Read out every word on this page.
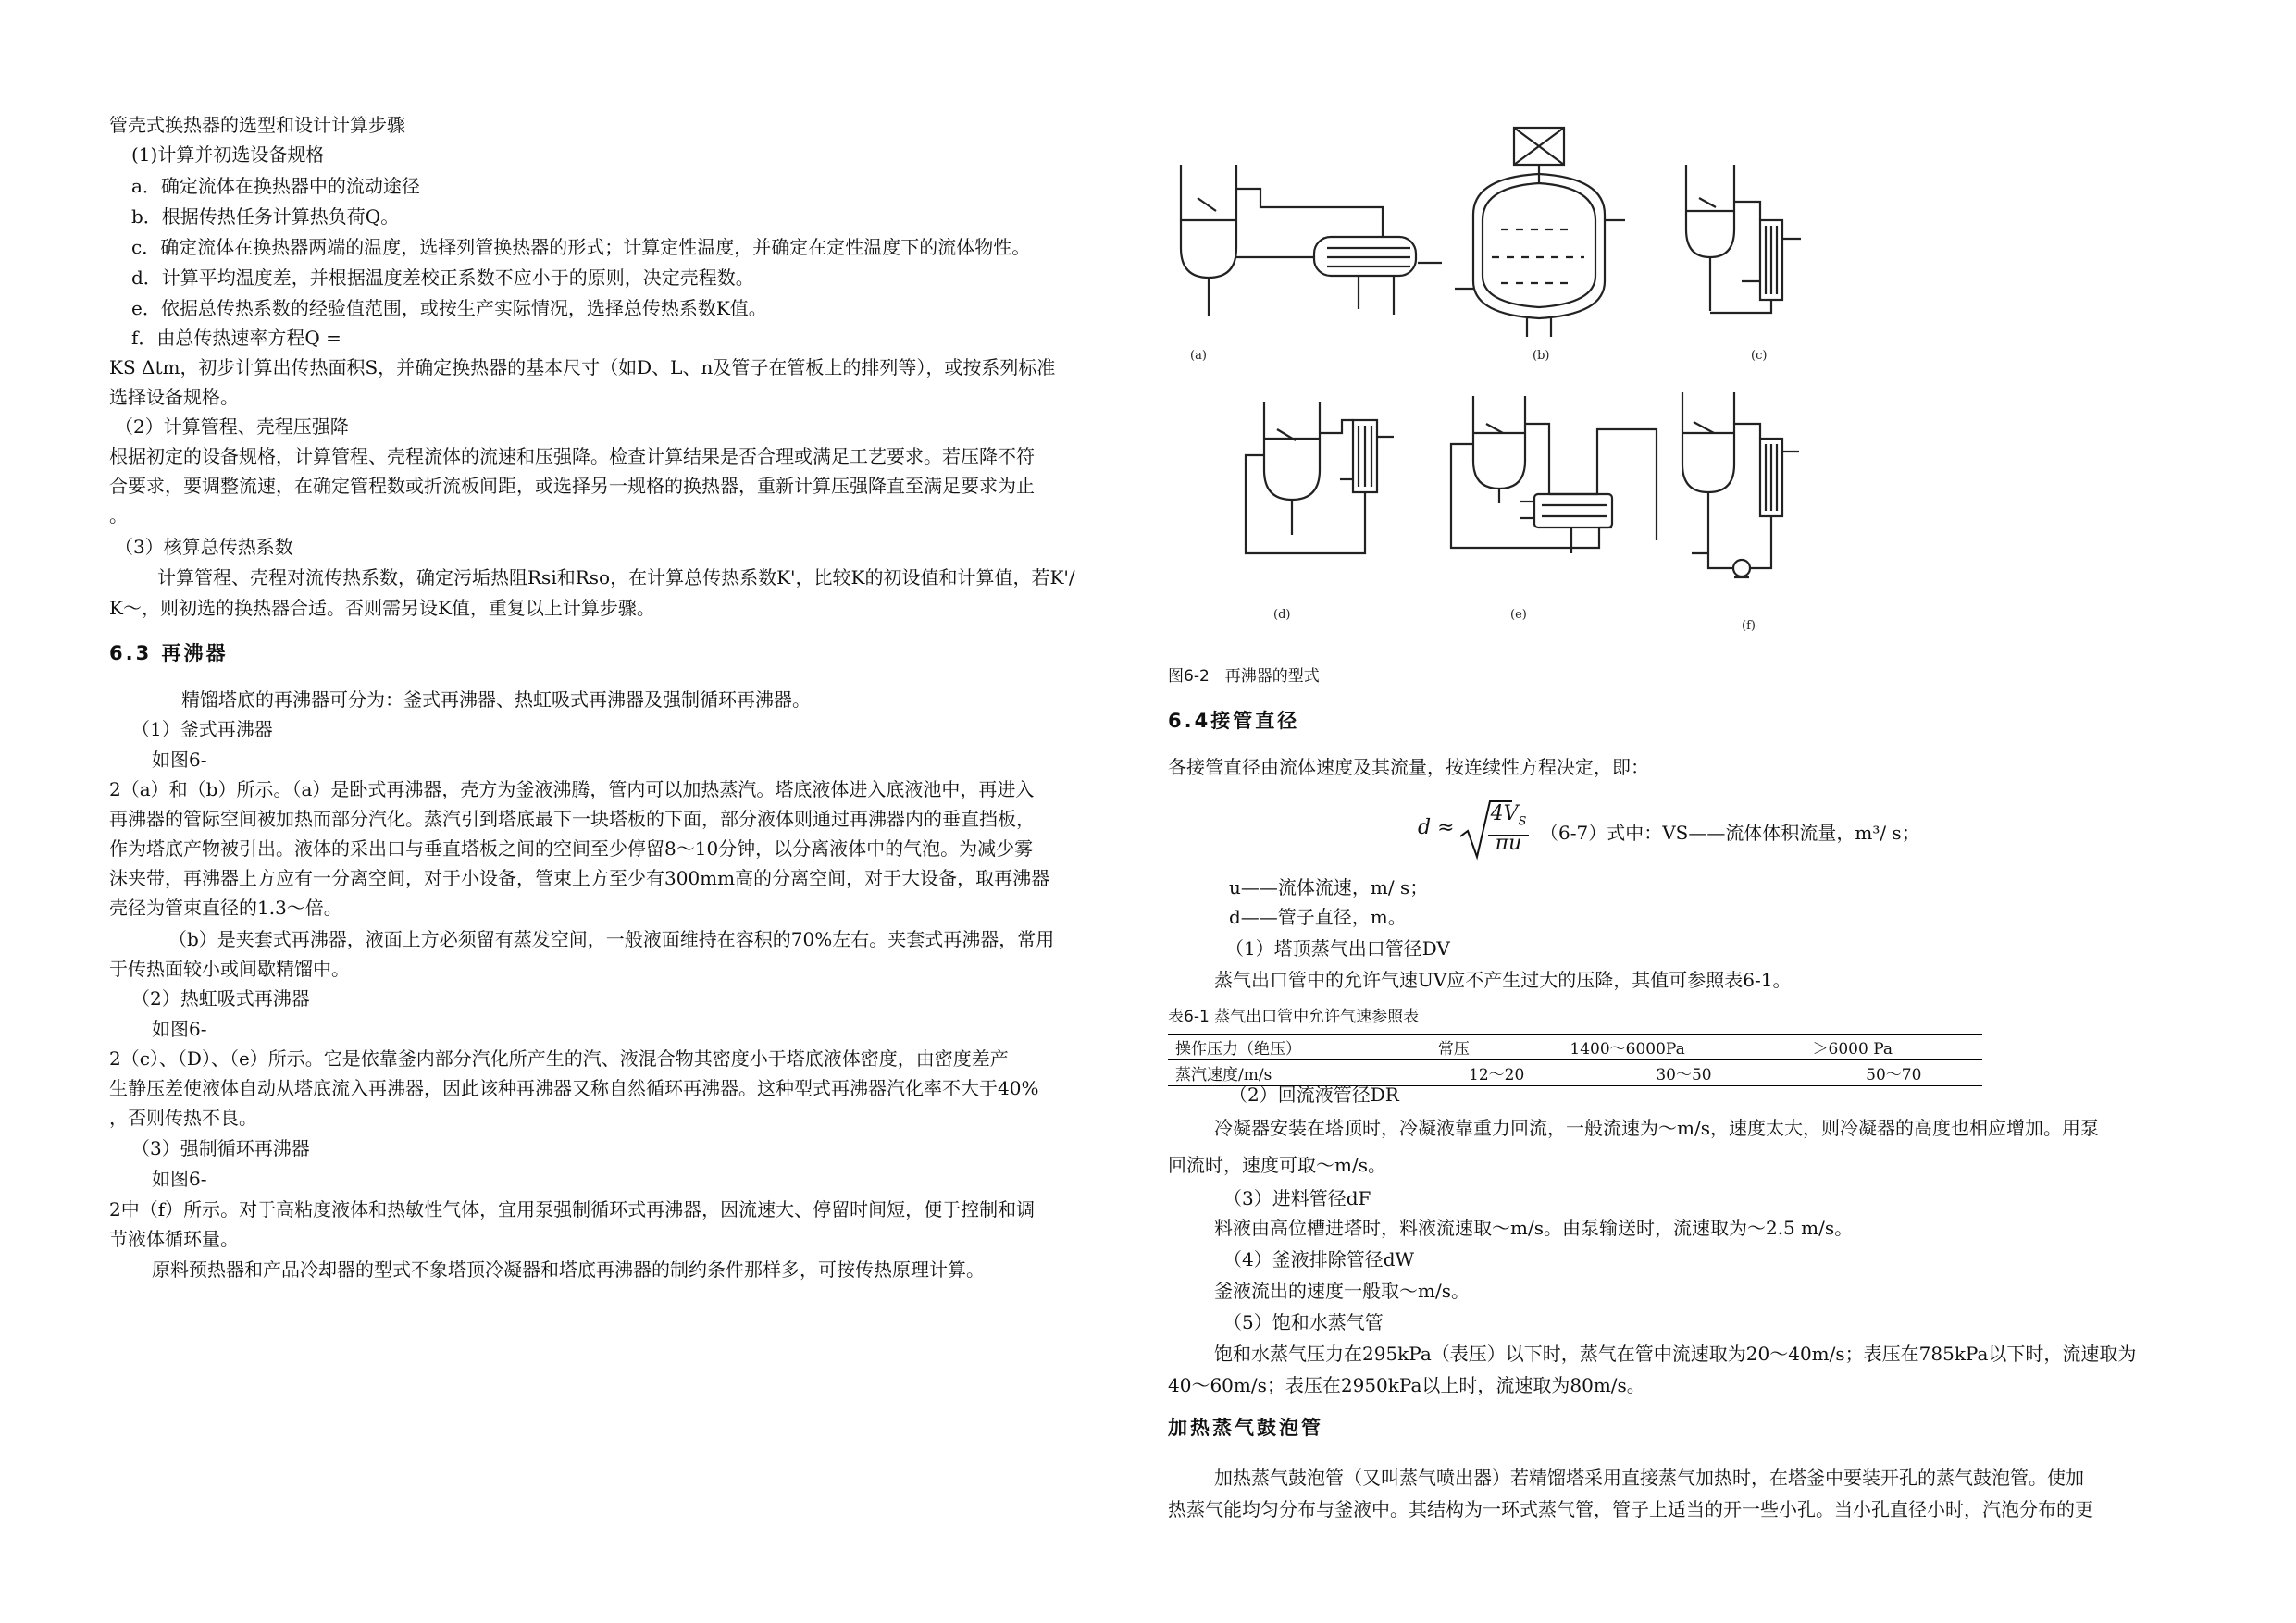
管壳式换热器的选型和设计计算步骤
(1)计算并初选设备规格
a．确定流体在换热器中的流动途径
b．根据传热任务计算热负荷Q。
c．确定流体在换热器两端的温度，选择列管换热器的形式；计算定性温度，并确定在定性温度下的流体物性。
d．计算平均温度差，并根据温度差校正系数不应小于的原则，决定壳程数。
e．依据总传热系数的经验值范围，或按生产实际情况，选择总传热系数K值。
f．由总传热速率方程Q =
KS Δtm，初步计算出传热面积S，并确定换热器的基本尺寸（如D、L、n及管子在管板上的排列等），或按系列标准
选择设备规格。
（2）计算管程、壳程压强降
根据初定的设备规格，计算管程、壳程流体的流速和压强降。检查计算结果是否合理或满足工艺要求。若压降不符
合要求，要调整流速，在确定管程数或折流板间距，或选择另一规格的换热器，重新计算压强降直至满足要求为止
。
（3）核算总传热系数
计算管程、壳程对流传热系数，确定污垢热阻Rsi和Rso，在计算总传热系数K'，比较K的初设值和计算值，若K'/
K～，则初选的换热器合适。否则需另设K值，重复以上计算步骤。
6.3 再沸器
精馏塔底的再沸器可分为：釜式再沸器、热虹吸式再沸器及强制循环再沸器。
（1）釜式再沸器
如图6-
2（a）和（b）所示。（a）是卧式再沸器，壳方为釜液沸腾，管内可以加热蒸汽。塔底液体进入底液池中，再进入
再沸器的管际空间被加热而部分汽化。蒸汽引到塔底最下一块塔板的下面，部分液体则通过再沸器内的垂直挡板，
作为塔底产物被引出。液体的采出口与垂直塔板之间的空间至少停留8～10分钟，以分离液体中的气泡。为减少雾
沫夹带，再沸器上方应有一分离空间，对于小设备，管束上方至少有300mm高的分离空间，对于大设备，取再沸器
壳径为管束直径的1.3～倍。
（b）是夹套式再沸器，液面上方必须留有蒸发空间，一般液面维持在容积的70%左右。夹套式再沸器，常用
于传热面较小或间歇精馏中。
（2）热虹吸式再沸器
如图6-
2（c）、（D）、（e）所示。它是依靠釜内部分汽化所产生的汽、液混合物其密度小于塔底液体密度，由密度差产
生静压差使液体自动从塔底流入再沸器，因此该种再沸器又称自然循环再沸器。这种型式再沸器汽化率不大于40%
，否则传热不良。
（3）强制循环再沸器
如图6-
2中（f）所示。对于高粘度液体和热敏性气体，宜用泵强制循环式再沸器，因流速大、停留时间短，便于控制和调
节液体循环量。
原料预热器和产品冷却器的型式不象塔顶冷凝器和塔底再沸器的制约条件那样多，可按传热原理计算。
(a)	(b)	(c)
(d)	(e)
(f)
图6-2　再沸器的型式
6.4接管直径
各接管直径由流体速度及其流量，按连续性方程决定，即：
d ≈
$4V_S$
πu （6-7）式中：VS——流体体积流量，m³/ s；
u——流体流速，m/ s；
d——管子直径，m。
（1）塔顶蒸气出口管径DV
蒸气出口管中的允许气速UV应不产生过大的压降，其值可参照表6-1。
表6-1 蒸气出口管中允许气速参照表
操作压力（绝压）	常压	1400～6000Pa	＞6000 Pa
蒸汽速度/m/s	12～20	30～50	50～70
（2）回流液管径DR
冷凝器安装在塔顶时，冷凝液靠重力回流，一般流速为～m/s，速度太大，则冷凝器的高度也相应增加。用泵
回流时，速度可取～m/s。
（3）进料管径dF
料液由高位槽进塔时，料液流速取～m/s。由泵输送时，流速取为～2.5 m/s。
（4）釜液排除管径dW
釜液流出的速度一般取～m/s。
（5）饱和水蒸气管
饱和水蒸气压力在295kPa（表压）以下时，蒸气在管中流速取为20～40m/s；表压在785kPa以下时，流速取为
40～60m/s；表压在2950kPa以上时，流速取为80m/s。
加热蒸气鼓泡管
加热蒸气鼓泡管（又叫蒸气喷出器）若精馏塔采用直接蒸气加热时，在塔釜中要装开孔的蒸气鼓泡管。使加
热蒸气能均匀分布与釜液中。其结构为一环式蒸气管，管子上适当的开一些小孔。当小孔直径小时，汽泡分布的更
